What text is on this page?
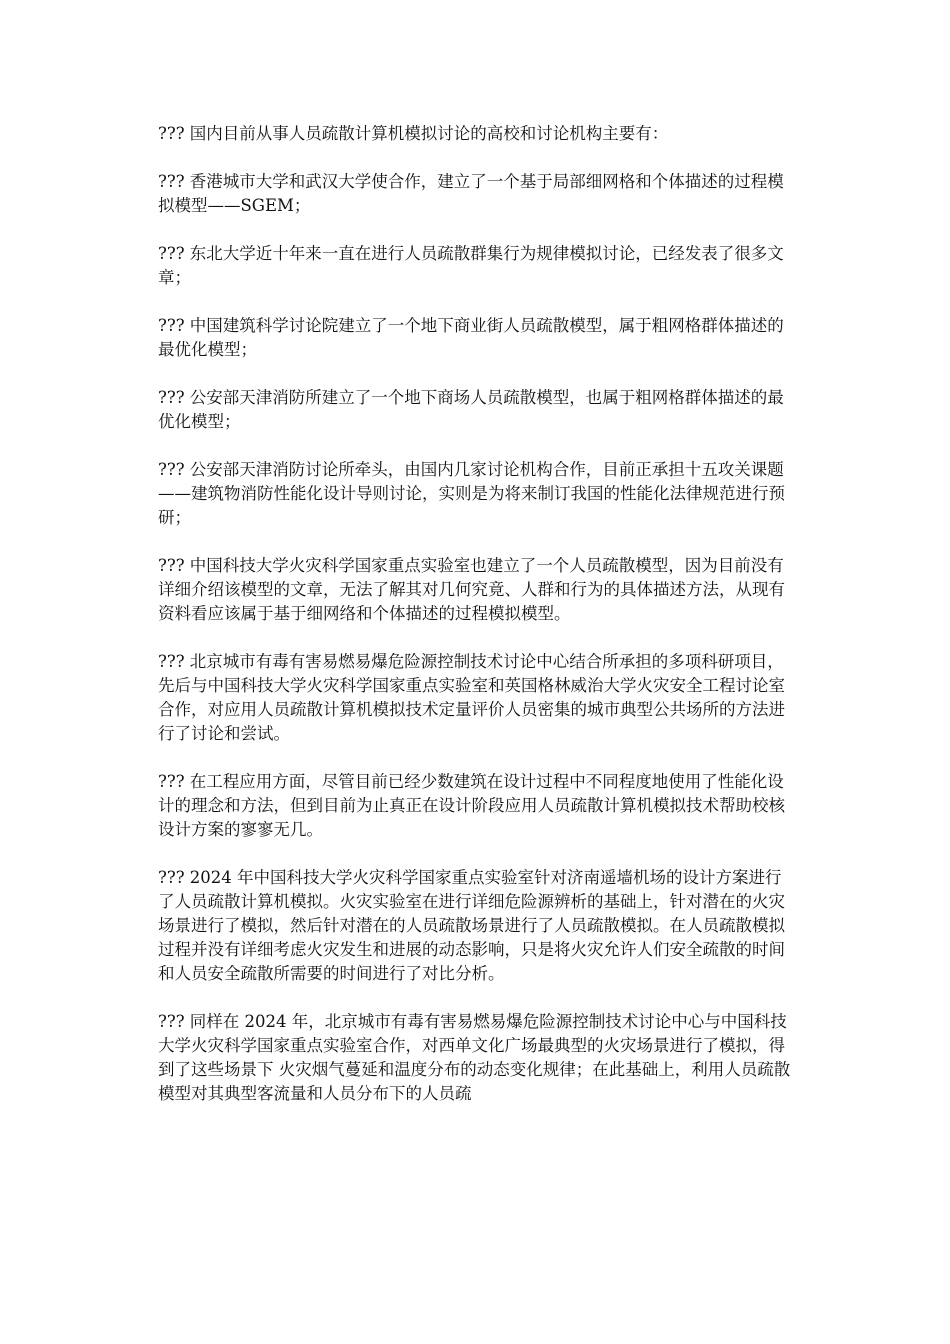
??? 国内目前从事人员疏散计算机模拟讨论的高校和讨论机构主要有：

??? 香港城市大学和武汉大学使合作，建立了一个基于局部细网格和个体描述的过程模拟模型——SGEM；

??? 东北大学近十年来一直在进行人员疏散群集行为规律模拟讨论，已经发表了很多文章；

??? 中国建筑科学讨论院建立了一个地下商业街人员疏散模型，属于粗网格群体描述的最优化模型；

??? 公安部天津消防所建立了一个地下商场人员疏散模型，也属于粗网格群体描述的最优化模型；

??? 公安部天津消防讨论所牵头，由国内几家讨论机构合作，目前正承担十五攻关课题——建筑物消防性能化设计导则讨论，实则是为将来制订我国的性能化法律规范进行预研；

??? 中国科技大学火灾科学国家重点实验室也建立了一个人员疏散模型，因为目前没有详细介绍该模型的文章，无法了解其对几何究竟、人群和行为的具体描述方法，从现有资料看应该属于基于细网络和个体描述的过程模拟模型。

??? 北京城市有毒有害易燃易爆危险源控制技术讨论中心结合所承担的多项科研项目，先后与中国科技大学火灾科学国家重点实验室和英国格林威治大学火灾安全工程讨论室合作，对应用人员疏散计算机模拟技术定量评价人员密集的城市典型公共场所的方法进行了讨论和尝试。

??? 在工程应用方面，尽管目前已经少数建筑在设计过程中不同程度地使用了性能化设计的理念和方法，但到目前为止真正在设计阶段应用人员疏散计算机模拟技术帮助校核设计方案的寥寥无几。

??? 2024 年中国科技大学火灾科学国家重点实验室针对济南遥墙机场的设计方案进行了人员疏散计算机模拟。火灾实验室在进行详细危险源辨析的基础上，针对潜在的火灾场景进行了模拟，然后针对潜在的人员疏散场景进行了人员疏散模拟。在人员疏散模拟过程并没有详细考虑火灾发生和进展的动态影响，只是将火灾允许人们安全疏散的时间和人员安全疏散所需要的时间进行了对比分析。

??? 同样在 2024 年，北京城市有毒有害易燃易爆危险源控制技术讨论中心与中国科技大学火灾科学国家重点实验室合作，对西单文化广场最典型的火灾场景进行了模拟，得到了这些场景下 火灾烟气蔓延和温度分布的动态变化规律；在此基础上，利用人员疏散模型对其典型客流量和人员分布下的人员疏
